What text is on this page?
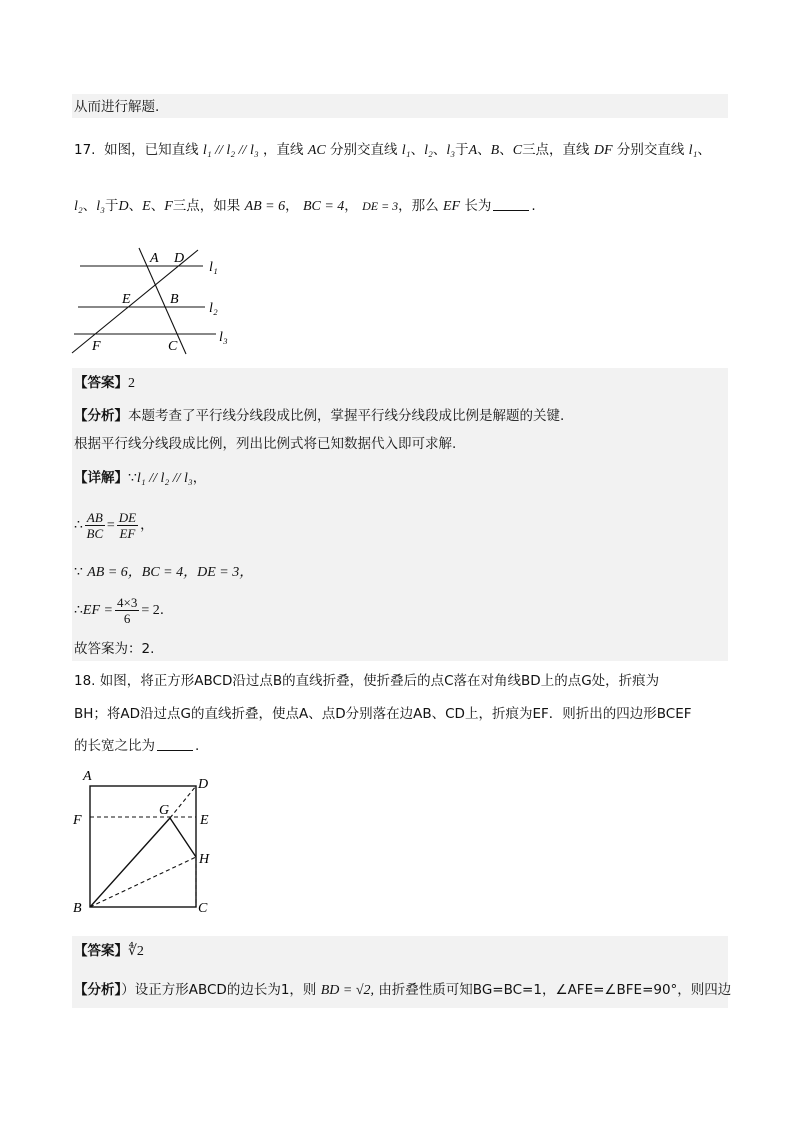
从而进行解题.
17. 如图，已知直线 l₁ // l₂ // l₃ ，直线 AC 分别交直线 l₁、l₂、l₃于A、B、C三点，直线 DF 分别交直线 l₁、
l₂、l₃于D、E、F三点，如果 AB = 6， BC = 4， DE = 3，那么 EF 长为	.
A D
E	B
F	C
l₁
l₂
l₃
【答案】2
【分析】本题考查了平行线分线段成比例，掌握平行线分线段成比例是解题的关键.
根据平行线分线段成比例，列出比例式将已知数据代入即可求解.
【详解】∵l₁ // l₂ // l₃，
∴ $\frac{AB}{BC} = \frac{DE}{EF}$ ，
∵ AB = 6，BC = 4，DE = 3，
∴EF = $\frac{4\times 3}{6} = 2$.
故答案为：2.
18. 如图，将正方形ABCD沿过点B的直线折叠，使折叠后的点C落在对角线BD上的点G处，折痕为
BH；将AD沿过点G的直线折叠，使点A、点D分别落在边AB、CD上，折痕为EF．则折出的四边形BCEF
的长宽之比为	.
A
D
F
G
E
H
B	C
【答案】∜2
【分析】）设正方形ABCD的边长为1，则 BD = √2, 由折叠性质可知BG=BC=1，∠AFE=∠BFE=90°，则四边
